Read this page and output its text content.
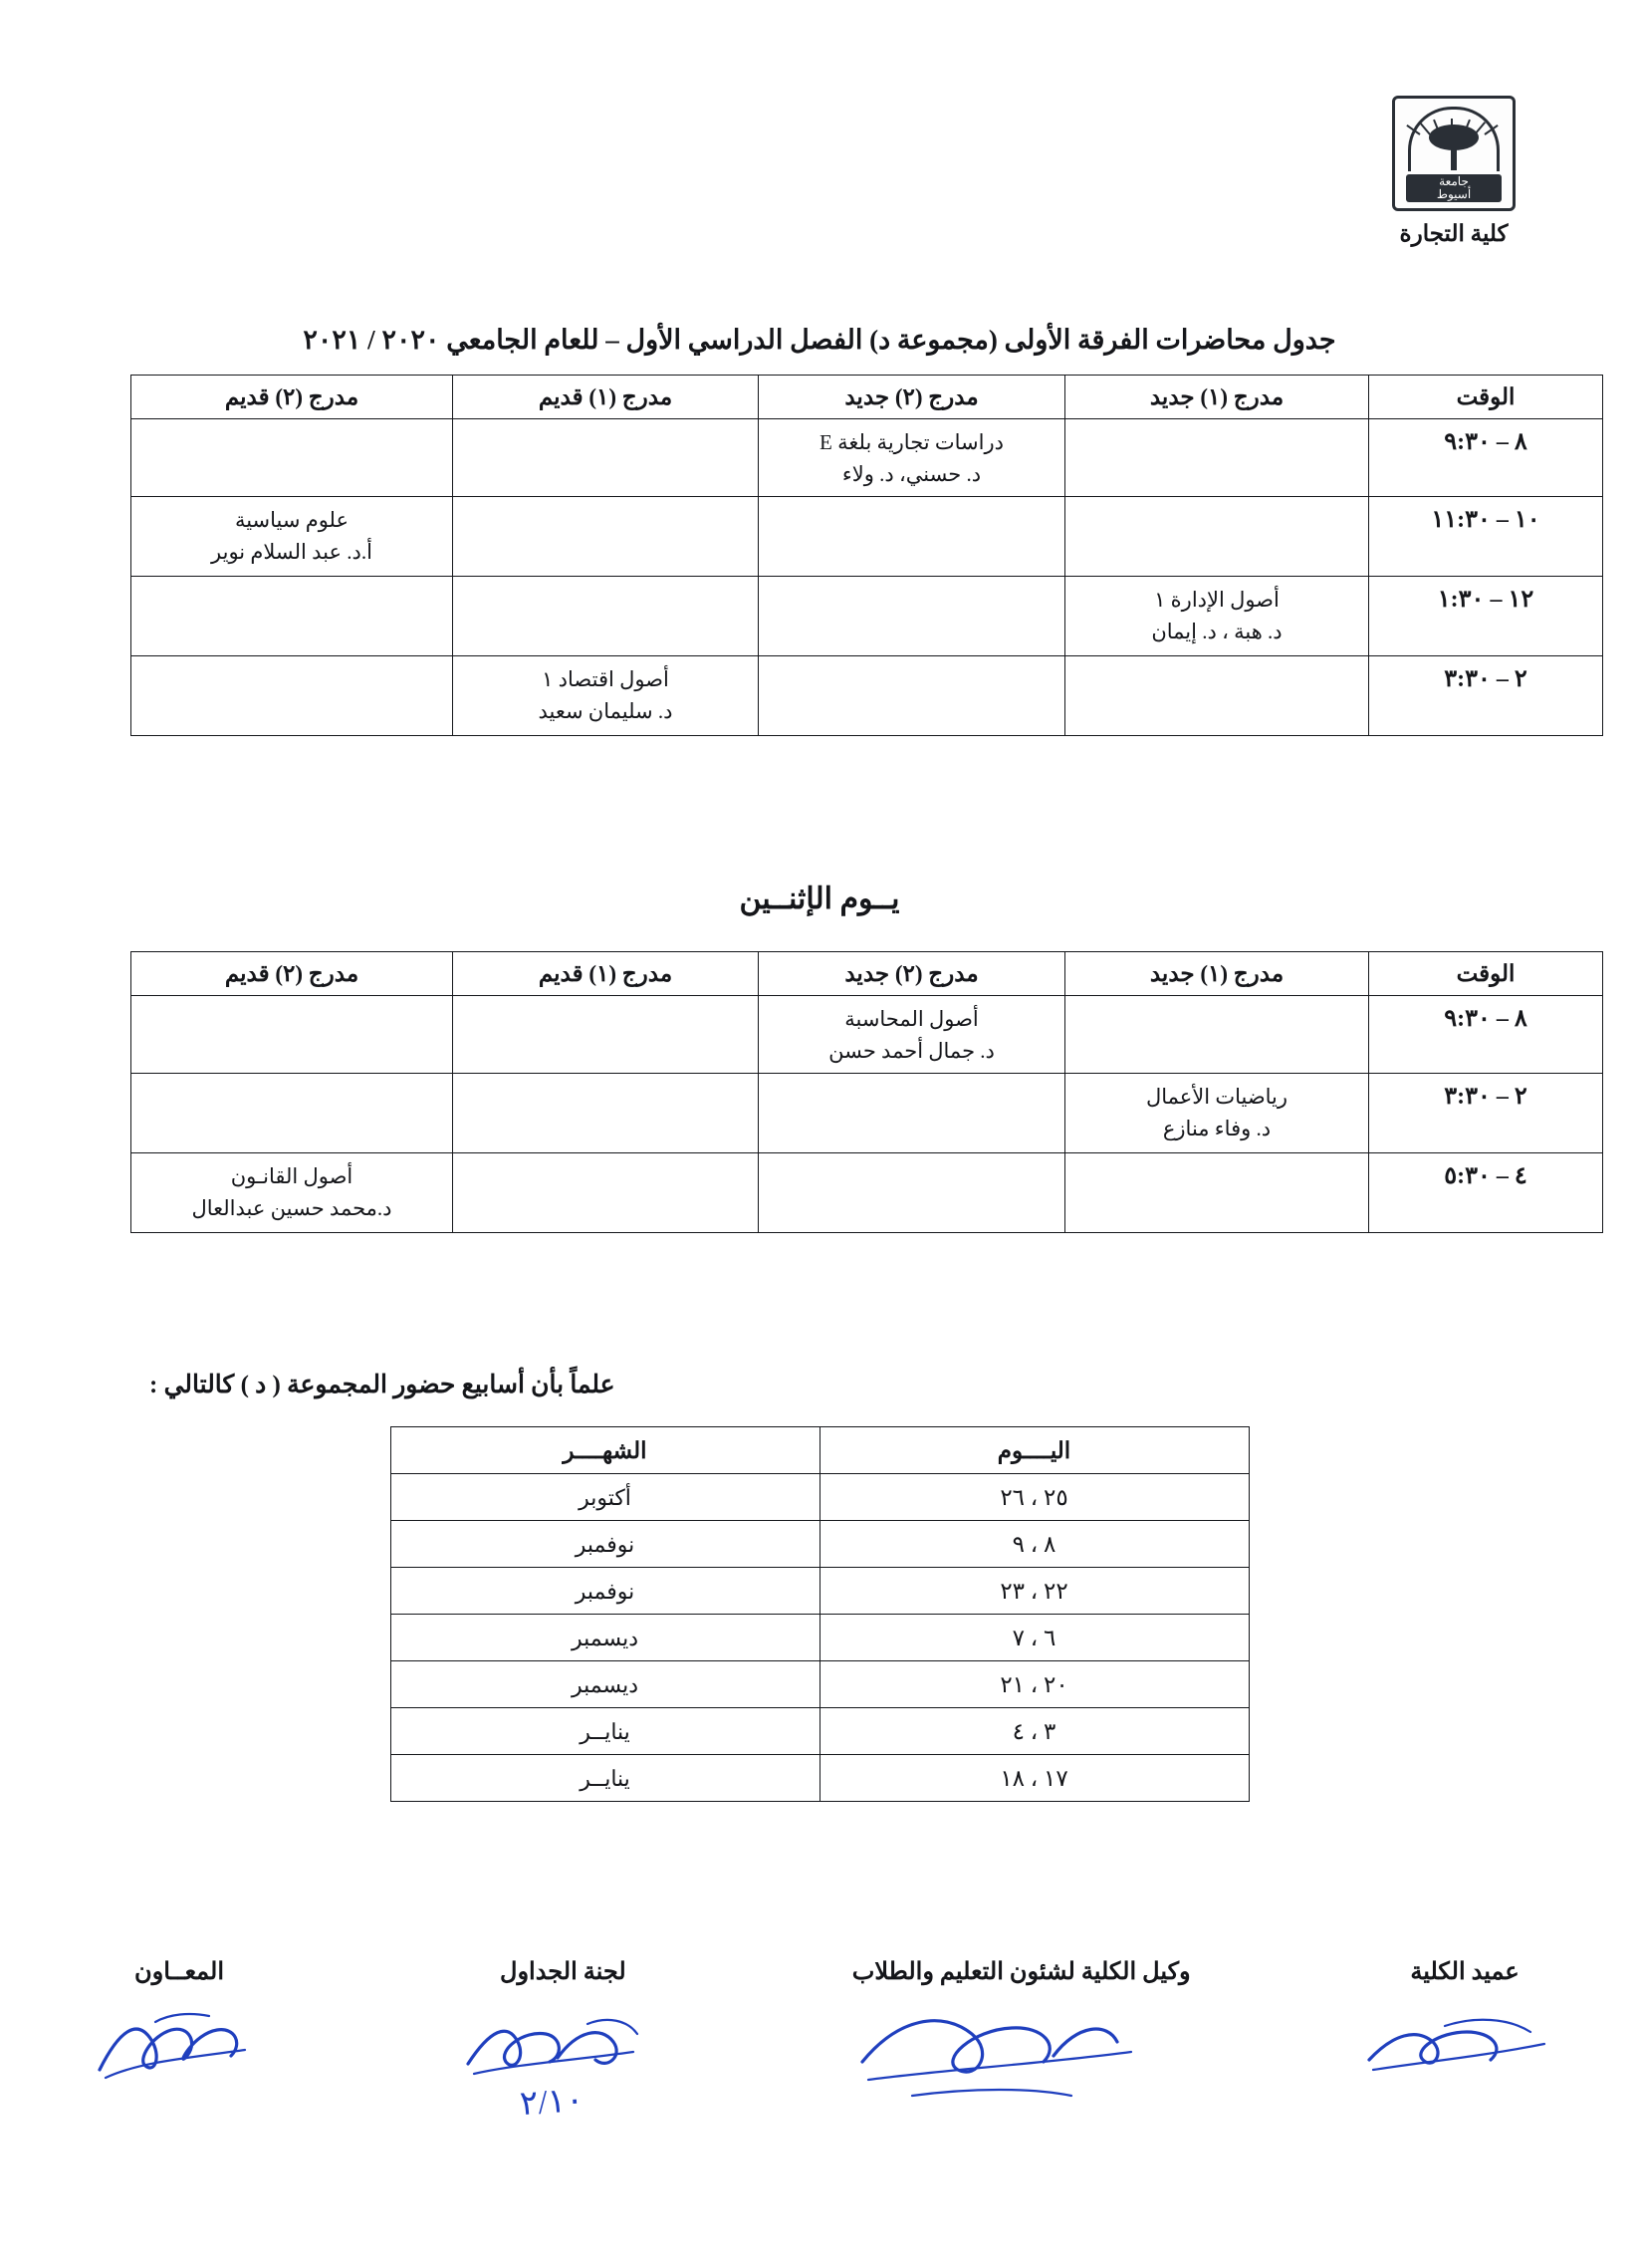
جامعة
أسيوط
كلية التجارة
جدول محاضرات الفرقة الأولى (مجموعة د) الفصل الدراسي الأول – للعام الجامعي ٢٠٢٠ / ٢٠٢١
الوقت	مدرج (١) جديد	مدرج (٢) جديد	مدرج (١) قديم	مدرج (٢) قديم
٨ – ٩:٣٠		دراسات تجارية بلغة E
د. حسني، د. ولاء		

١٠ – ١١:٣٠				علوم سياسية
أ.د. عبد السلام نوير

١٢ – ١:٣٠	أصول الإدارة ١
د. هبة ، د. إيمان			

٢ – ٣:٣٠			أصول اقتصاد ١
د. سليمان سعيد	

يــوم الإثنــين
الوقت	مدرج (١) جديد	مدرج (٢) جديد	مدرج (١) قديم	مدرج (٢) قديم
٨ – ٩:٣٠		أصول المحاسبة
د. جمال أحمد حسن		

٢ – ٣:٣٠	رياضيات الأعمال
د. وفاء منازع			

٤ – ٥:٣٠				أصول القانـون
د.محمد حسين عبدالعال
علماً بأن أسابيع حضور المجموعة ( د ) كالتالي :
اليــــوم	الشهــــر
٢٥ ، ٢٦	أكتوبر
٨ ، ٩	نوفمبر
٢٢ ، ٢٣	نوفمبر
٦ ، ٧	ديسمبر
٢٠ ، ٢١	ديسمبر
٣ ، ٤	ينايــر
١٧ ، ١٨	ينايــر
المعــاون	لجنة الجداول	وكيل الكلية لشئون التعليم والطلاب	عميد الكلية
٢/١٠
